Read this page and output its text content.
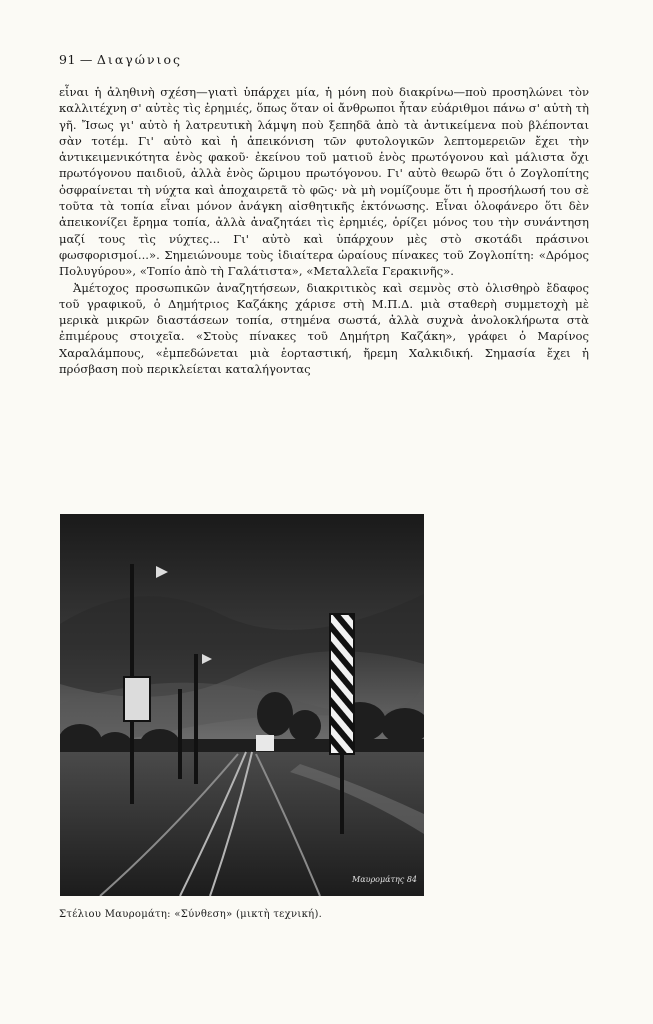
91 — Διαγώνιος

εἶναι ἡ ἀληθινὴ σχέση—γιατὶ ὑπάρχει μία, ἡ μόνη ποὺ διακρίνω—ποὺ προσηλώνει τὸν καλλιτέχνη σ' αὐτὲς τὶς ἐρημιές, ὅπως ὅταν οἱ ἄνθρωποι ἦταν εὐάριθμοι πάνω σ' αὐτὴ τὴ γῆ. Ἴσως γι' αὐτὸ ἡ λατρευτικὴ λάμψη ποὺ ξεπηδᾶ ἀπὸ τὰ ἀντικείμενα ποὺ βλέπονται σὰν τοτέμ. Γι' αὐτὸ καὶ ἡ ἀπεικόνιση τῶν φυτολογικῶν λεπτομερειῶν ἔχει τὴν ἀντικειμενικότητα ἑνὸς φακοῦ· ἐκείνου τοῦ ματιοῦ ἑνὸς πρωτόγονου καὶ μάλιστα ὄχι πρωτόγονου παιδιοῦ, ἀλλὰ ἑνὸς ὥριμου πρωτόγονου. Γι' αὐτὸ θεωρῶ ὅτι ὁ Ζογλοπίτης ὀσφραίνεται τὴ νύχτα καὶ ἀποχαιρετᾶ τὸ φῶς· νὰ μὴ νομίζουμε ὅτι ἡ προσήλωσή του σὲ τοῦτα τὰ τοπία εἶναι μόνον ἀνάγκη αἰσθητικῆς ἐκτόνωσης. Εἶναι ὁλοφάνερο ὅτι δὲν ἀπεικονίζει ἔρημα τοπία, ἀλλὰ ἀναζητάει τὶς ἐρημιές, ὁρίζει μόνος του τὴν συνάντηση μαζί τους τὶς νύχτες... Γι' αὐτὸ καὶ ὑπάρχουν μὲς στὸ σκοτάδι πράσινοι φωσφορισμοί...». Σημειώνουμε τοὺς ἰδιαίτερα ὡραίους πίνακες τοῦ Ζογλοπίτη: «Δρόμος Πολυγύρου», «Τοπίο ἀπὸ τὴ Γαλάτιστα», «Μεταλλεῖα Γερακινῆς».

Ἀμέτοχος προσωπικῶν ἀναζητήσεων, διακριτικὸς καὶ σεμνὸς στὸ ὀλισθηρὸ ἔδαφος τοῦ γραφικοῦ, ὁ Δημήτριος Καζάκης χάρισε στὴ Μ.Π.Δ. μιὰ σταθερὴ συμμετοχὴ μὲ μερικὰ μικρῶν διαστάσεων τοπία, στημένα σωστά, ἀλλὰ συχνὰ ἀνολοκλήρωτα στὰ ἐπιμέρους στοιχεῖα. «Στοὺς πίνακες τοῦ Δημήτρη Καζάκη», γράφει ὁ Μαρίνος Χαραλάμπους, «ἐμπεδώνεται μιὰ ἑορταστική, ἤρεμη Χαλκιδική. Σημασία ἔχει ἡ πρόσβαση ποὺ περικλείεται καταλήγοντας

Μαυρομάτης 84
Στέλιου Μαυρομάτη: «Σύνθεση» (μικτὴ τεχνική).
